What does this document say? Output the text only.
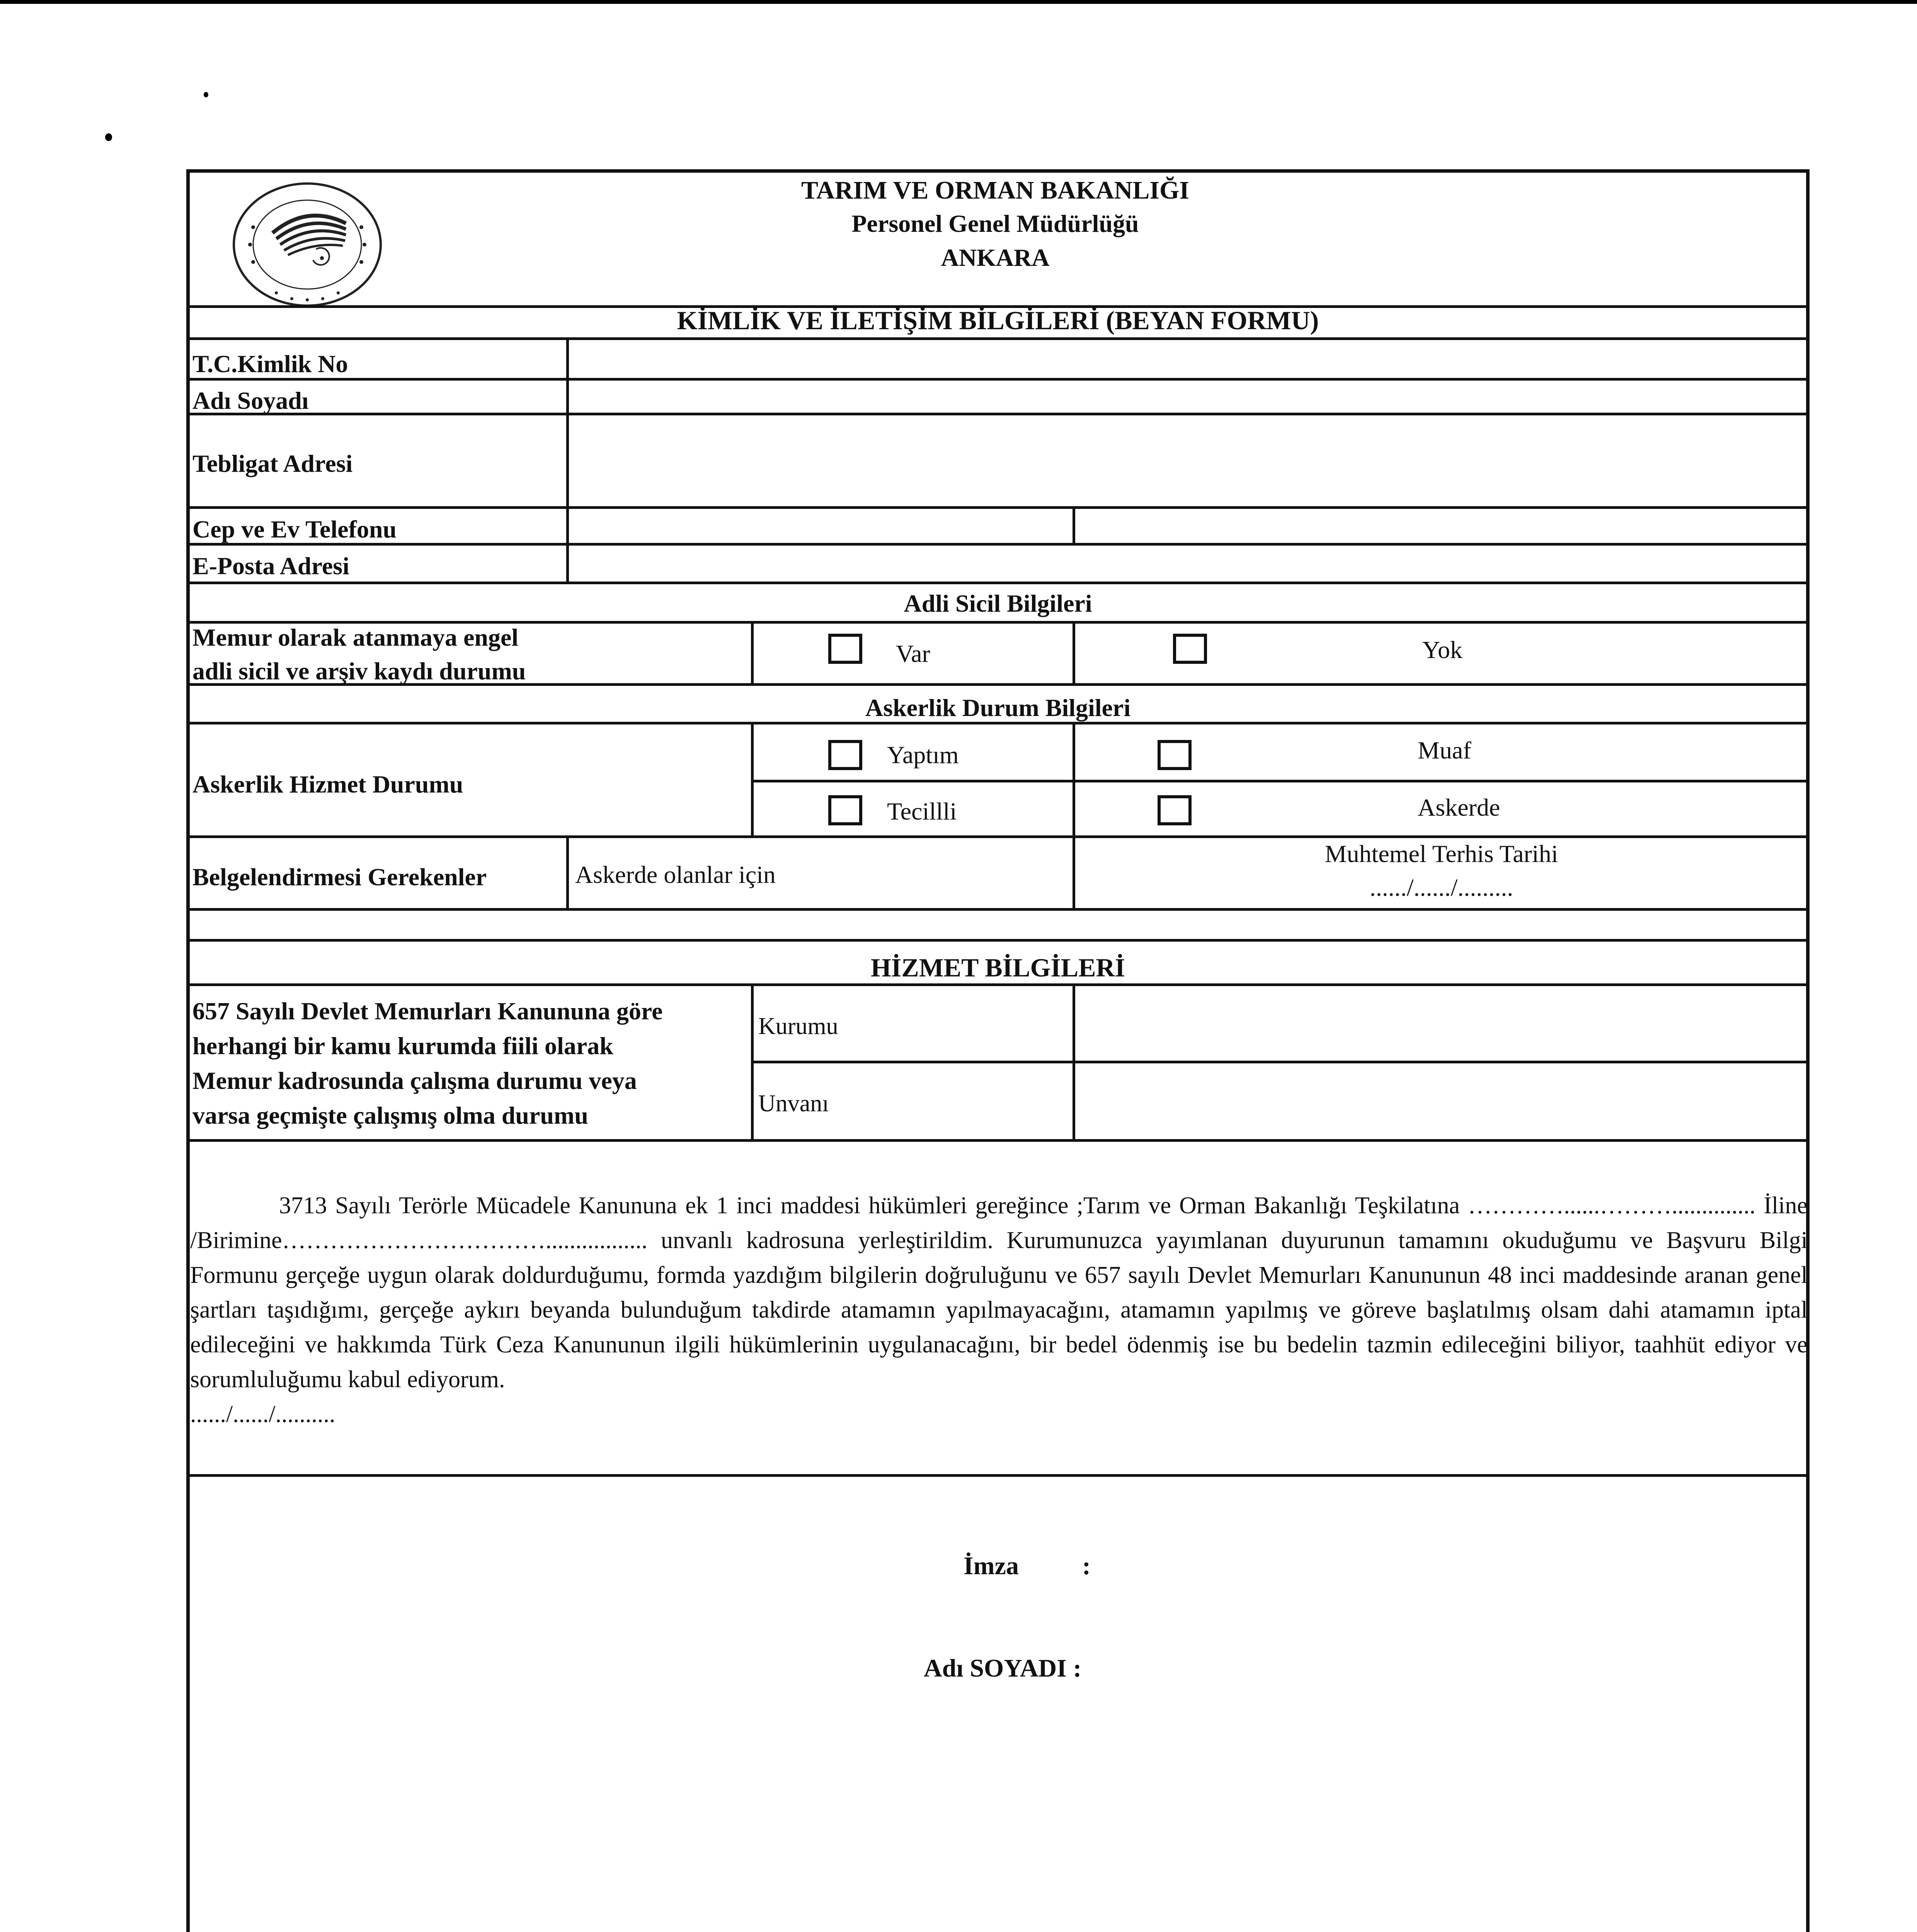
TARIM VE ORMAN BAKANLIĞI
Personel Genel Müdürlüğü
ANKARA
KİMLİK VE İLETİŞİM BİLGİLERİ (BEYAN FORMU)
T.C.Kimlik No
Adı Soyadı
Tebligat Adresi
Cep ve Ev Telefonu
E-Posta Adresi
Adli Sicil Bilgileri
Memur olarak atanmaya engel
adli sicil ve arşiv kaydı durumu
Var	Yok
Askerlik Durum Bilgileri
Askerlik Hizmet Durumu
Yaptım	Muaf
Tecillli	Askerde
Belgelendirmesi Gerekenler	Askerde olanlar için
Muhtemel Terhis Tarihi
....../....../.........
HİZMET BİLGİLERİ
657 Sayılı Devlet Memurları Kanununa göre
herhangi bir kamu kurumda fiili olarak
Memur kadrosunda çalışma durumu veya
varsa geçmişte çalışmış olma durumu
Kurumu
Unvanı

3713 Sayılı Terörle Mücadele Kanununa ek 1 inci maddesi hükümleri gereğince ;Tarım ve Orman Bakanlığı Teşkilatına …………......……….............. İline /Birimine……………………………................. unvanlı kadrosuna yerleştirildim. Kurumunuzca yayımlanan duyurunun tamamını okuduğumu ve Başvuru Bilgi Formunu gerçeğe uygun olarak doldurduğumu, formda yazdığım bilgilerin doğruluğunu ve 657 sayılı Devlet Memurları Kanununun 48 inci maddesinde aranan genel şartları taşıdığımı, gerçeğe aykırı beyanda bulunduğum takdirde atamamın yapılmayacağını, atamamın yapılmış ve göreve başlatılmış olsam dahi atamamın iptal edileceğini ve hakkımda Türk Ceza Kanununun ilgili hükümlerinin uygulanacağını, bir bedel ödenmiş ise bu bedelin tazmin edileceğini biliyor, taahhüt ediyor ve sorumluluğumu kabul ediyorum.

....../....../..........

İmza :
Adı SOYADI :
